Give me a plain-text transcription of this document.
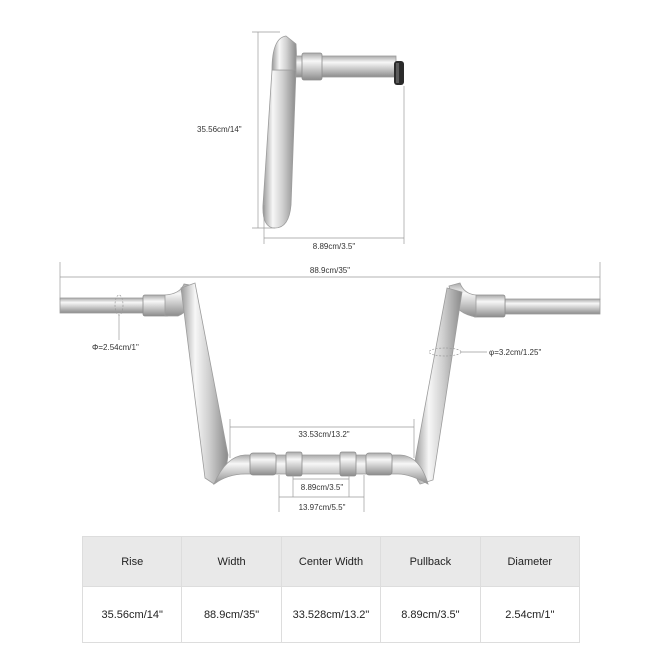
35.56cm/14"
8.89cm/3.5"
88.9cm/35"
Φ=2.54cm/1"
φ=3.2cm/1.25"
33.53cm/13.2"
8.89cm/3.5"
13.97cm/5.5"
Rise	Width	Center Width	Pullback	Diameter
35.56cm/14"	88.9cm/35"	33.528cm/13.2"	8.89cm/3.5"	2.54cm/1"
